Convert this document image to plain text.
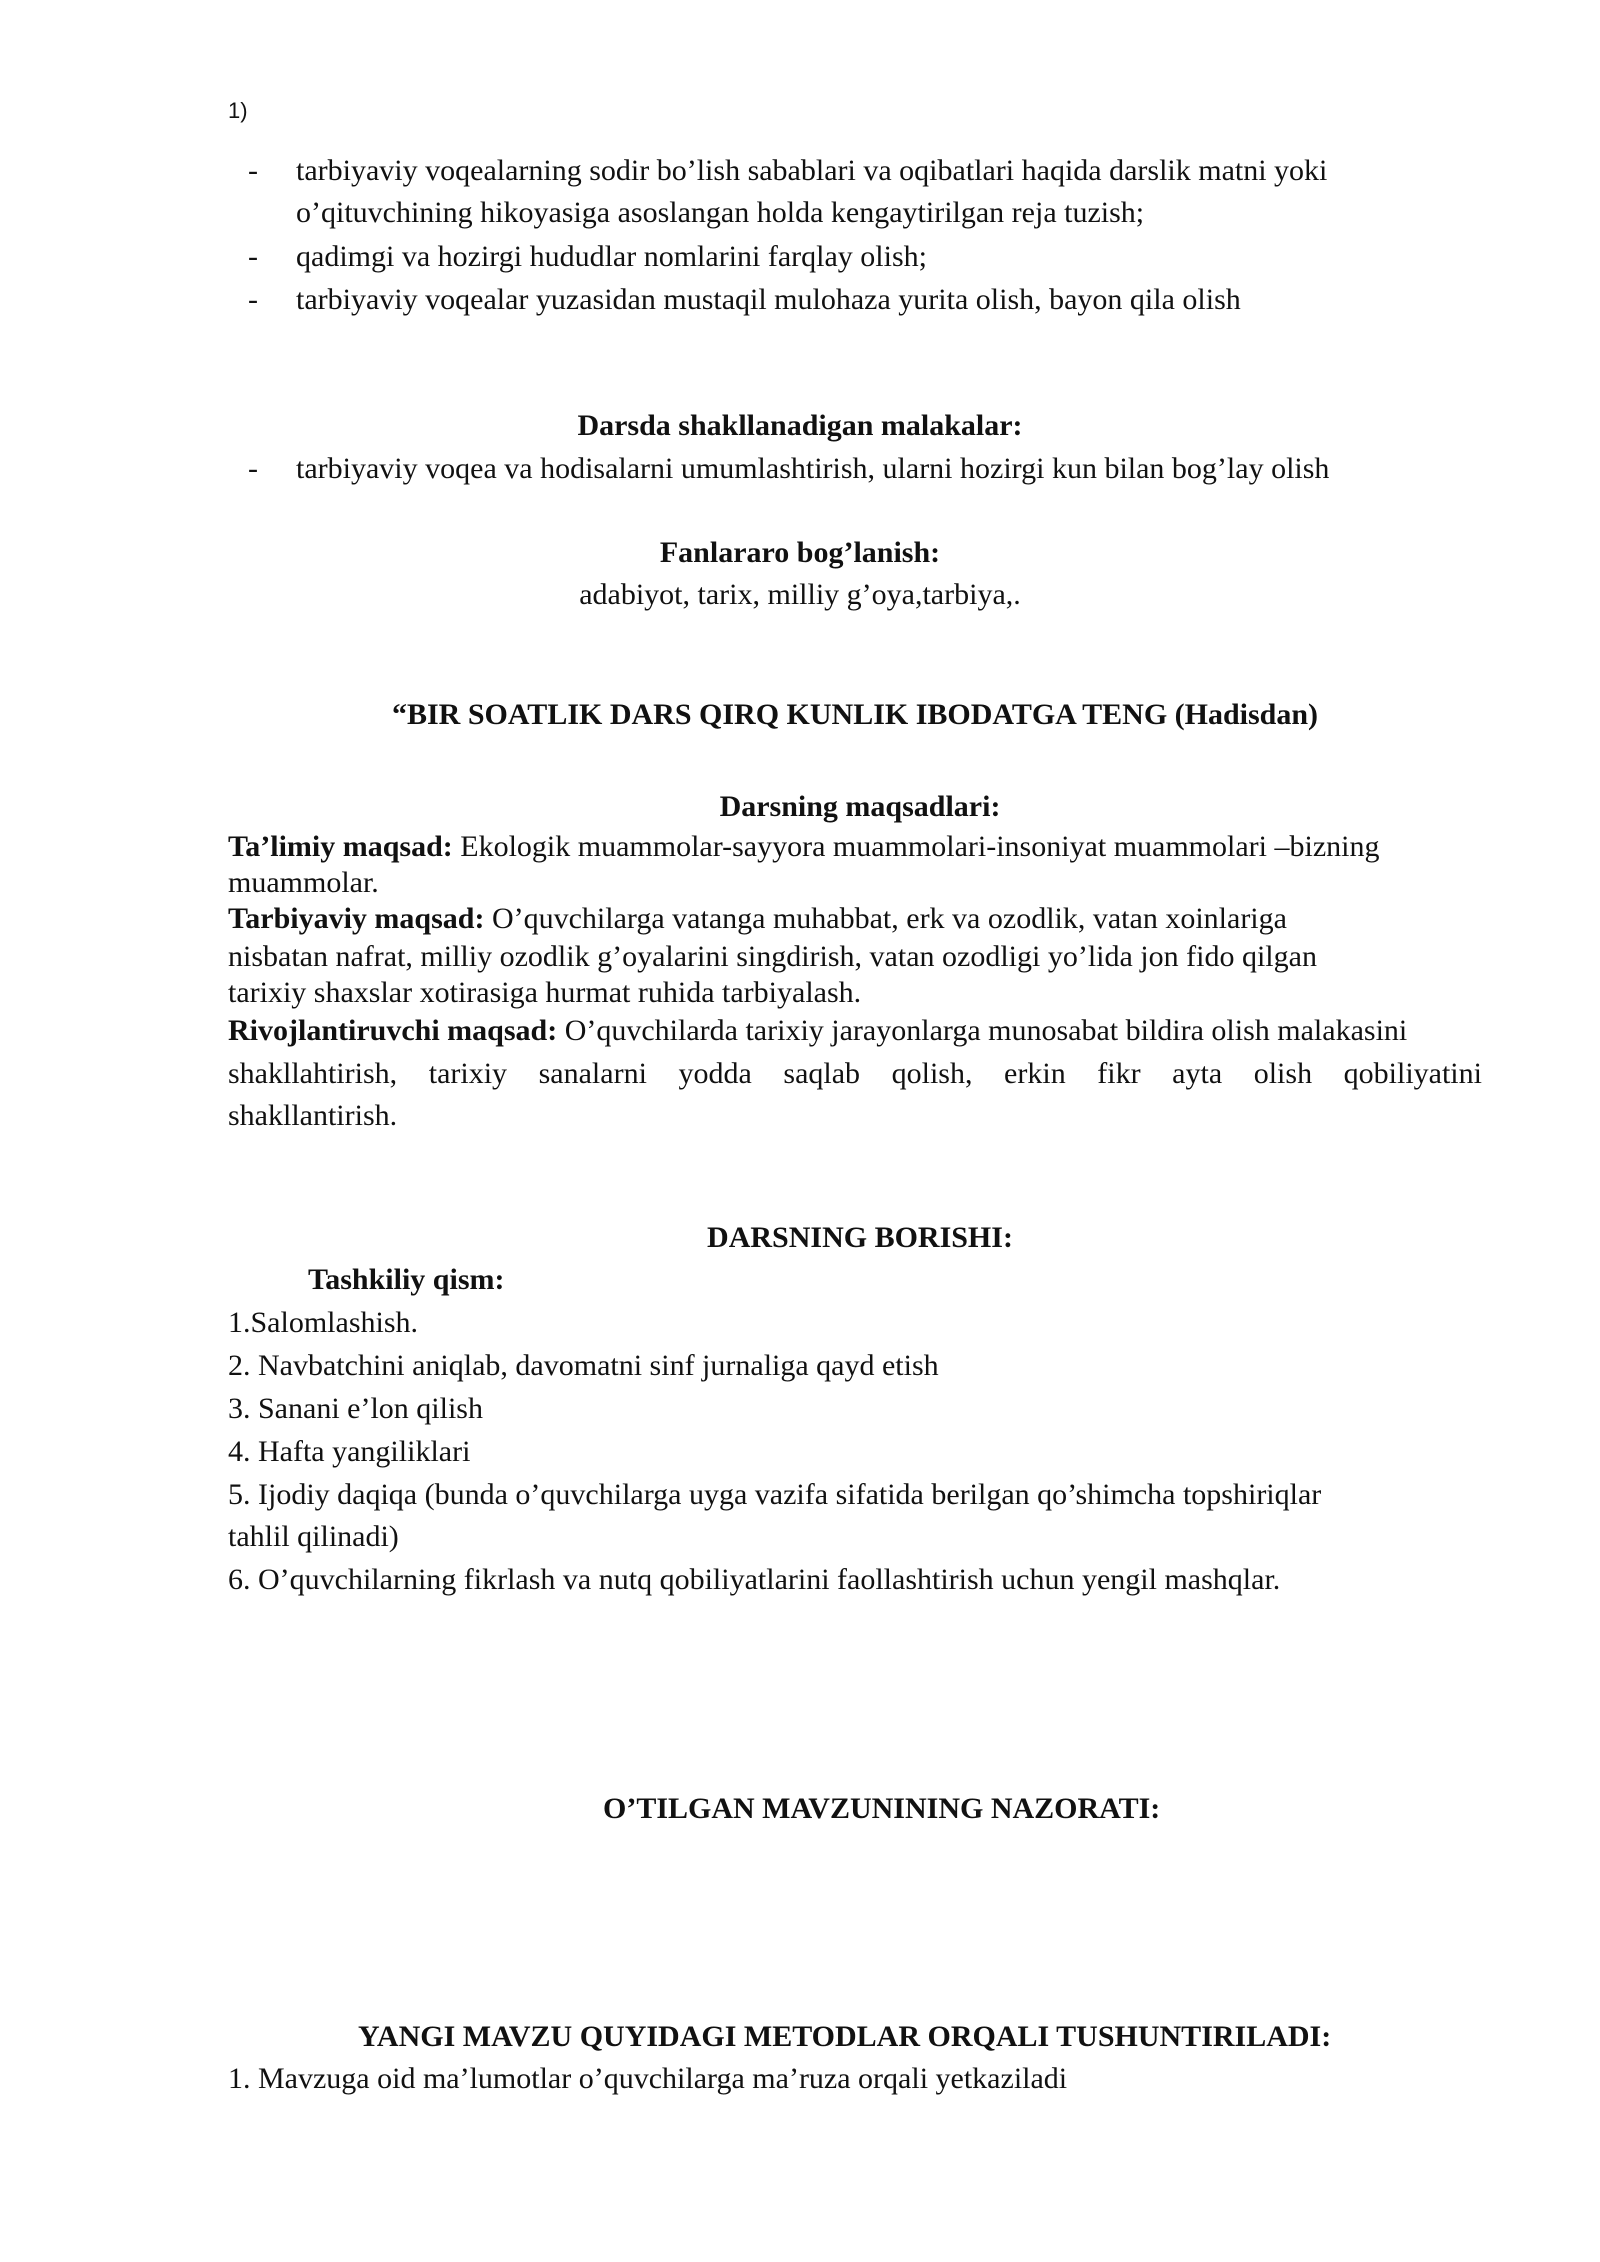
1)
- tarbiyaviy voqealarning sodir bo’lish sabablari va oqibatlari haqida darslik matni yoki
o’qituvchining hikoyasiga asoslangan holda kengaytirilgan reja tuzish;
- qadimgi va hozirgi hududlar nomlarini farqlay olish;
- tarbiyaviy voqealar yuzasidan mustaqil mulohaza yurita olish, bayon qila olish
Darsda shakllanadigan malakalar:
- tarbiyaviy voqea va hodisalarni umumlashtirish, ularni hozirgi kun bilan bog’lay olish
Fanlararo bog’lanish:
adabiyot, tarix, milliy g’oya,tarbiya,.
“BIR SOATLIK DARS QIRQ KUNLIK IBODATGA TENG (Hadisdan)
Darsning maqsadlari:
Ta’limiy maqsad: Ekologik muammolar-sayyora muammolari-insoniyat muammolari –bizning
muammolar.
Tarbiyaviy maqsad: O’quvchilarga vatanga muhabbat, erk va ozodlik, vatan xoinlariga
nisbatan nafrat, milliy ozodlik g’oyalarini singdirish, vatan ozodligi yo’lida jon fido qilgan
tarixiy shaxslar xotirasiga hurmat ruhida tarbiyalash.
Rivojlantiruvchi maqsad: O’quvchilarda tarixiy jarayonlarga munosabat bildira olish malakasini
shakllahtirish, tarixiy sanalarni yodda saqlab qolish, erkin fikr ayta olish qobiliyatini
shakllantirish.
DARSNING BORISHI:
Tashkiliy qism:
1.Salomlashish.
2. Navbatchini aniqlab, davomatni sinf jurnaliga qayd etish
3. Sanani e’lon qilish
4. Hafta yangiliklari
5. Ijodiy daqiqa (bunda o’quvchilarga uyga vazifa sifatida berilgan qo’shimcha topshiriqlar
tahlil qilinadi)
6. O’quvchilarning fikrlash va nutq qobiliyatlarini faollashtirish uchun yengil mashqlar.
O’TILGAN MAVZUNINING NAZORATI:
YANGI MAVZU QUYIDAGI METODLAR ORQALI TUSHUNTIRILADI:
1. Mavzuga oid ma’lumotlar o’quvchilarga ma’ruza orqali yetkaziladi
